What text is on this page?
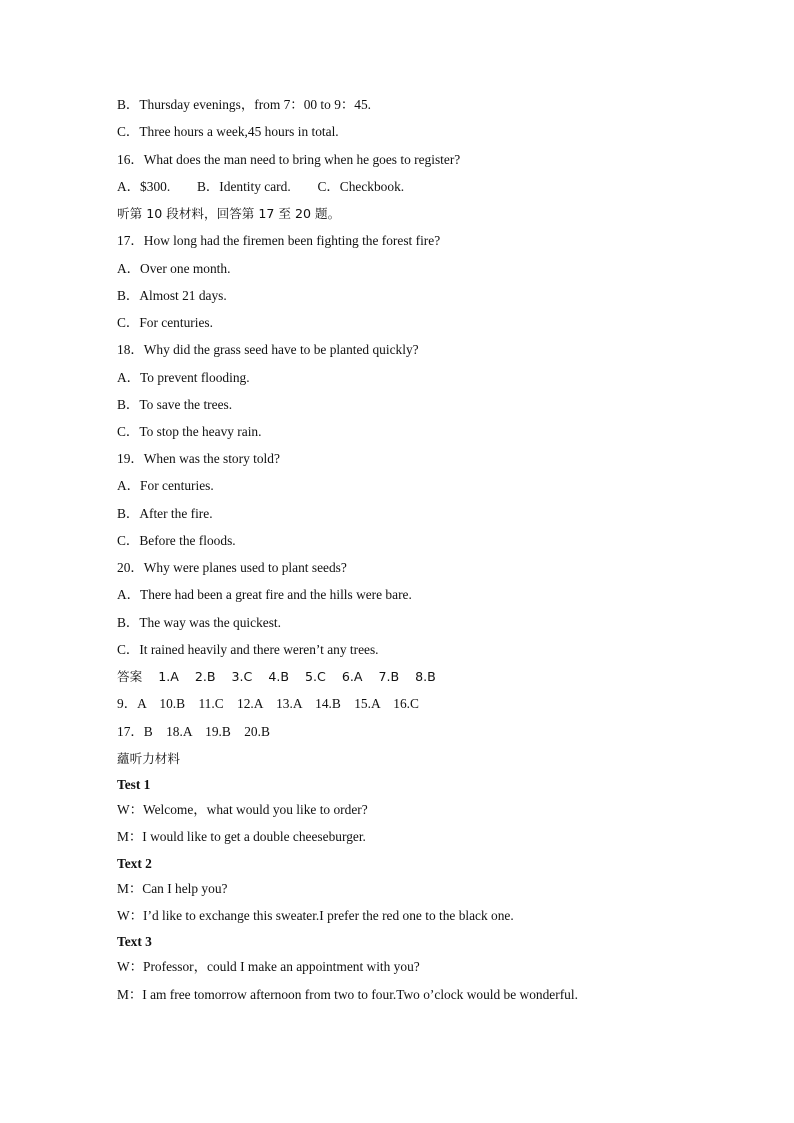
B．Thursday evenings，from 7：00 to 9：45.
C．Three hours a week,45 hours in total.
16．What does the man need to bring when he goes to register?
A．$300.        B．Identity card.        C．Checkbook.
听第 10 段材料，回答第 17 至 20 题。
17．How long had the firemen been fighting the forest fire?
A．Over one month.
B．Almost 21 days.
C．For centuries.
18．Why did the grass seed have to be planted quickly?
A．To prevent flooding.
B．To save the trees.
C．To stop the heavy rain.
19．When was the story told?
A．For centuries.
B．After the fire.
C．Before the floods.
20．Why were planes used to plant seeds?
A．There had been a great fire and the hills were bare.
B．The way was the quickest.
C．It rained heavily and there weren’t any trees.
答案    1.A    2.B    3.C    4.B    5.C    6.A    7.B    8.B
9．A    10.B    11.C    12.A    13.A    14.B    15.A    16.C
17．B    18.A    19.B    20.B
蘊听力材料
Test 1
W：Welcome，what would you like to order?
M：I would like to get a double cheeseburger.
Text 2
M：Can I help you?
W：I’d like to exchange this sweater.I prefer the red one to the black one.
Text 3
W：Professor，could I make an appointment with you?
M：I am free tomorrow afternoon from two to four.Two o’clock would be wonderful.
